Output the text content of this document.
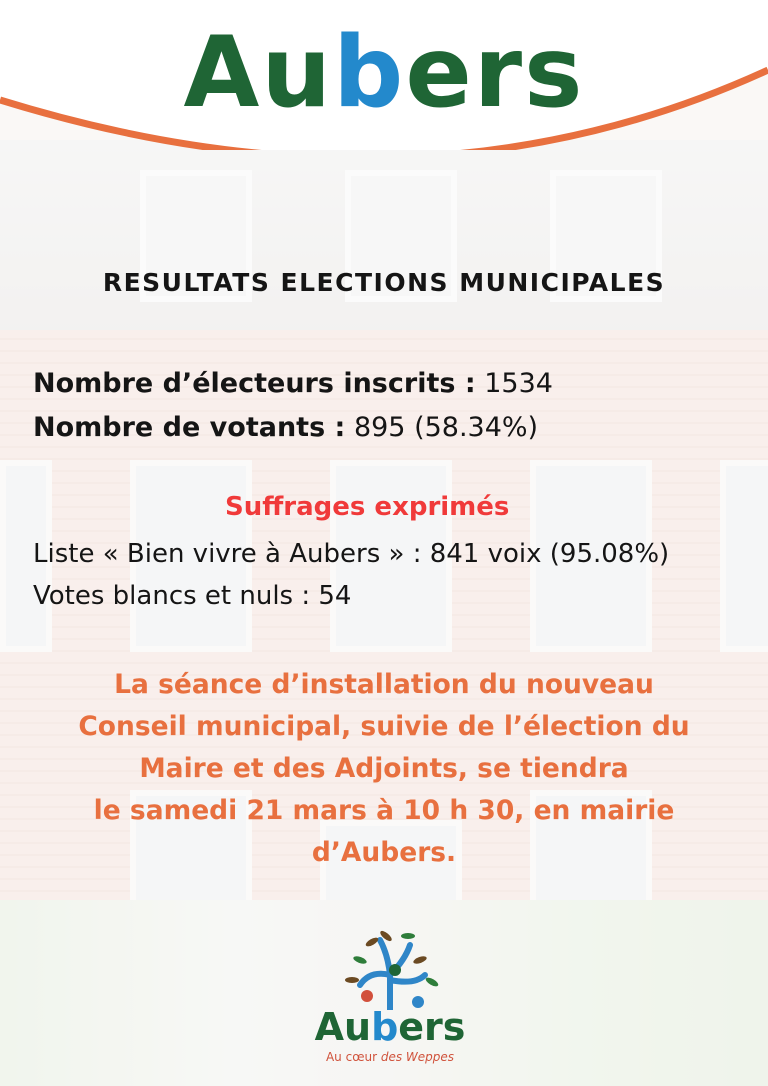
Aubers
RESULTATS ELECTIONS MUNICIPALES
Nombre d’électeurs inscrits : 1534
Nombre de votants : 895 (58.34%)
Suffrages exprimés
Liste « Bien vivre à Aubers » : 841 voix (95.08%)
Votes blancs et nuls : 54
La séance d’installation du nouveau
Conseil municipal, suivie de l’élection du
Maire et des Adjoints, se tiendra
le samedi 21 mars à 10 h 30, en mairie
d’Aubers.
Aubers
Au cœur des Weppes
